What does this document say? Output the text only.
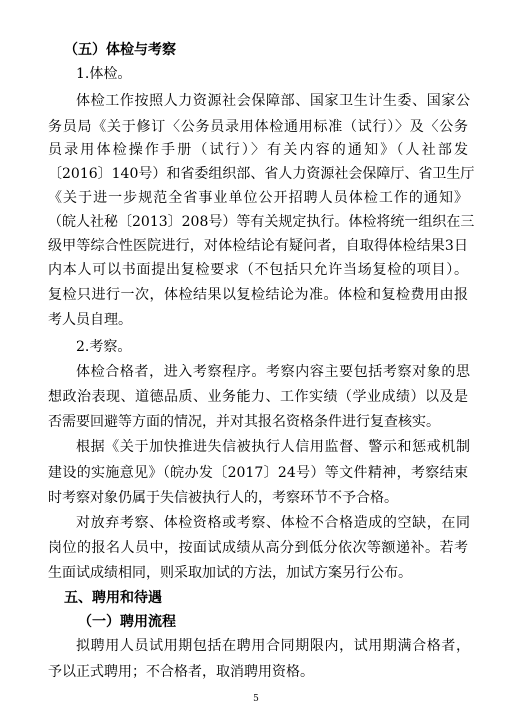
（五）体检与考察
1.体检。
体检工作按照人力资源社会保障部、国家卫生计生委、国家公
务员局《关于修订〈公务员录用体检通用标准（试行）〉及〈公务
员录用体检操作手册（试行）〉有关内容的通知》（人社部发
〔2016〕140号）和省委组织部、省人力资源社会保障厅、省卫生厅
《关于进一步规范全省事业单位公开招聘人员体检工作的通知》
（皖人社秘〔2013〕208号）等有关规定执行。体检将统一组织在三
级甲等综合性医院进行，对体检结论有疑问者，自取得体检结果3日
内本人可以书面提出复检要求（不包括只允许当场复检的项目）。
复检只进行一次，体检结果以复检结论为准。体检和复检费用由报
考人员自理。
2.考察。
体检合格者，进入考察程序。考察内容主要包括考察对象的思
想政治表现、道德品质、业务能力、工作实绩（学业成绩）以及是
否需要回避等方面的情况，并对其报名资格条件进行复查核实。
根据《关于加快推进失信被执行人信用监督、警示和惩戒机制
建设的实施意见》（皖办发〔2017〕24号）等文件精神，考察结束
时考察对象仍属于失信被执行人的，考察环节不予合格。
对放弃考察、体检资格或考察、体检不合格造成的空缺，在同
岗位的报名人员中，按面试成绩从高分到低分依次等额递补。若考
生面试成绩相同，则采取加试的方法，加试方案另行公布。
五、聘用和待遇
（一）聘用流程
拟聘用人员试用期包括在聘用合同期限内，试用期满合格者，
予以正式聘用；不合格者，取消聘用资格。
5
